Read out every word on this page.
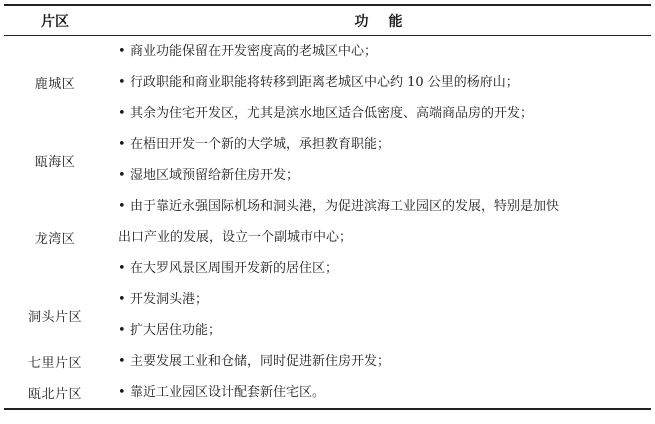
片区	功能
鹿城区	• 商业功能保留在开发密度高的老城区中心；
• 行政职能和商业职能将转移到距离老城区中心约 10 公里的杨府山；
• 其余为住宅开发区，尤其是滨水地区适合低密度、高端商品房的开发；

瓯海区	• 在梧田开发一个新的大学城，承担教育职能；
• 湿地区域预留给新住房开发；

龙湾区	• 由于靠近永强国际机场和洞头港，为促进滨海工业园区的发展，特别是加快
出口产业的发展，设立一个副城市中心；
• 在大罗风景区周围开发新的居住区；

洞头片区	• 开发洞头港；
• 扩大居住功能；

七里片区	• 主要发展工业和仓储，同时促进新住房开发；

瓯北片区	• 靠近工业园区设计配套新住宅区。
